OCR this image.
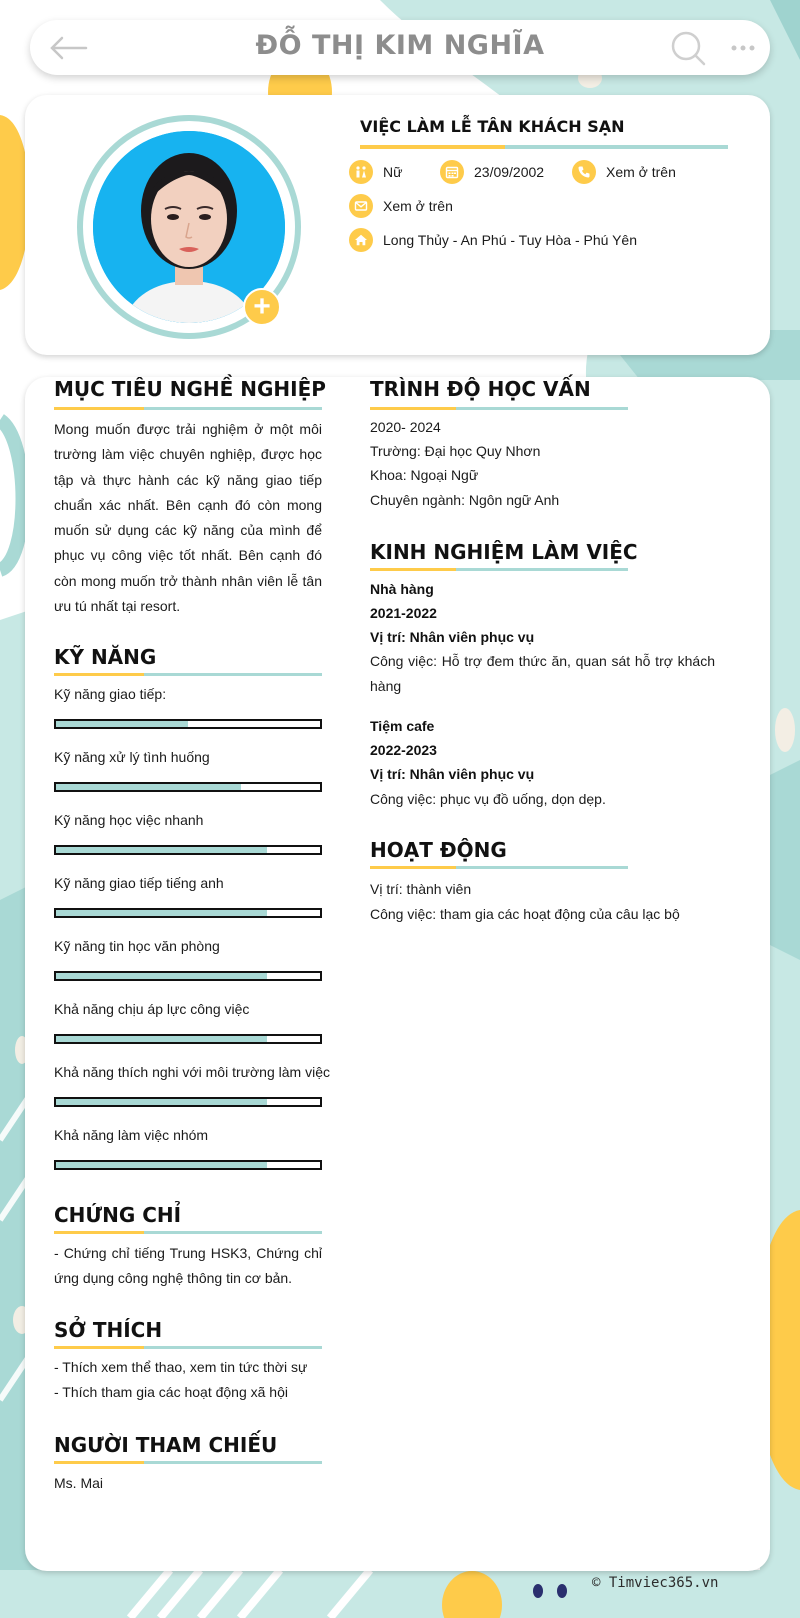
ĐỖ THỊ KIM NGHĨA
+
VIỆC LÀM LỄ TÂN KHÁCH SẠN
Nữ	23/09/2002	Xem ở trên
Xem ở trên
Long Thủy - An Phú - Tuy Hòa - Phú Yên
MỤC TIÊU NGHỀ NGHIỆP
Mong muốn được trải nghiệm ở một môi trường làm việc chuyên nghiệp, được học tập và thực hành các kỹ năng giao tiếp chuẩn xác nhất. Bên cạnh đó còn mong muốn sử dụng các kỹ năng của mình để phục vụ công việc tốt nhất. Bên cạnh đó còn mong muốn trở thành nhân viên lễ tân ưu tú nhất tại resort.
KỸ NĂNG
Kỹ năng giao tiếp:
Kỹ năng xử lý tình huống
Kỹ năng học việc nhanh
Kỹ năng giao tiếp tiếng anh
Kỹ năng tin học văn phòng
Khả năng chịu áp lực công việc
Khả năng thích nghi với môi trường làm việc
Khả năng làm việc nhóm
CHỨNG CHỈ
- Chứng chỉ tiếng Trung HSK3, Chứng chỉ ứng dụng công nghệ thông tin cơ bản.
SỞ THÍCH
- Thích xem thể thao, xem tin tức thời sự
- Thích tham gia các hoạt động xã hội
NGƯỜI THAM CHIẾU
Ms. Mai
TRÌNH ĐỘ HỌC VẤN
2020- 2024
Trường: Đại học Quy Nhơn
Khoa: Ngoại Ngữ
Chuyên ngành: Ngôn ngữ Anh
KINH NGHIỆM LÀM VIỆC
Nhà hàng
2021-2022
Vị trí: Nhân viên phục vụ
Công việc: Hỗ trợ đem thức ăn, quan sát hỗ trợ khách hàng
Tiệm cafe
2022-2023
Vị trí: Nhân viên phục vụ
Công việc: phục vụ đồ uống, dọn dẹp.
HOẠT ĐỘNG
Vị trí: thành viên
Công việc: tham gia các hoạt động của câu lạc bộ
© Timviec365.vn
